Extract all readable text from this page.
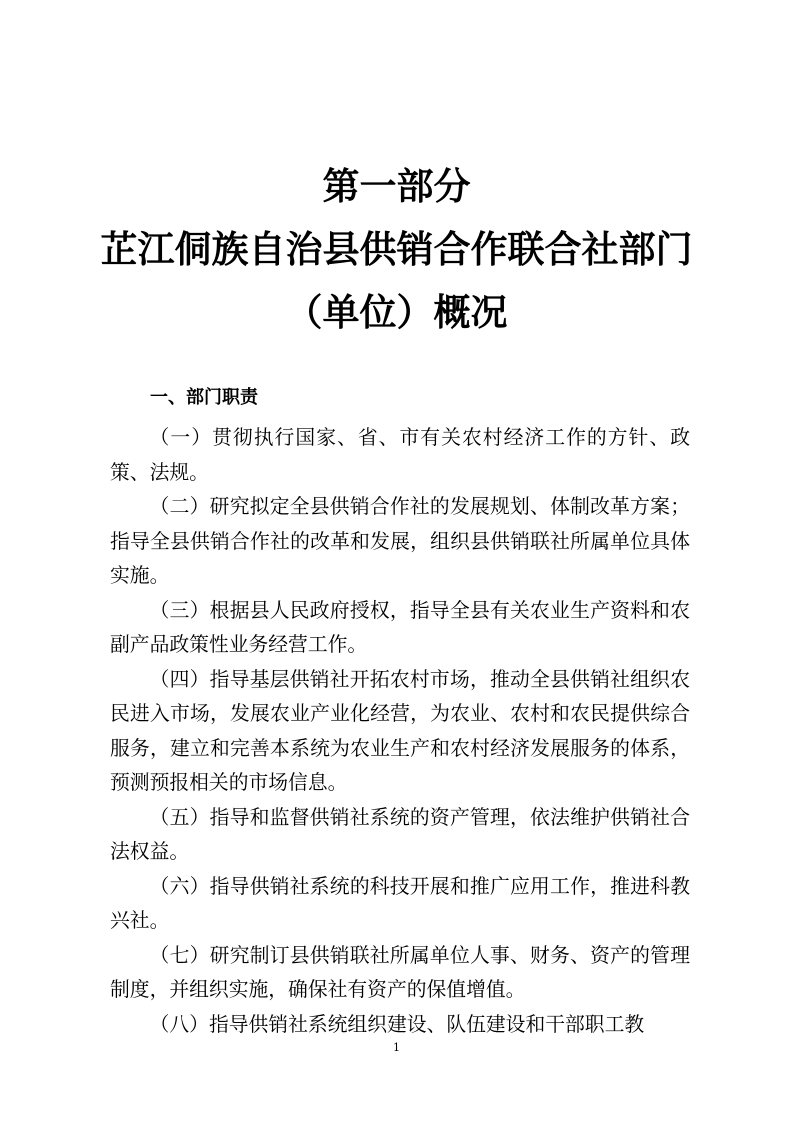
第一部分
芷江侗族自治县供销合作联合社部门
（单位）概况
一、部门职责

（一）贯彻执行国家、省、市有关农村经济工作的方针、政策、法规。

（二）研究拟定全县供销合作社的发展规划、体制改革方案；指导全县供销合作社的改革和发展，组织县供销联社所属单位具体实施。

（三）根据县人民政府授权，指导全县有关农业生产资料和农副产品政策性业务经营工作。

（四）指导基层供销社开拓农村市场，推动全县供销社组织农民进入市场，发展农业产业化经营，为农业、农村和农民提供综合服务，建立和完善本系统为农业生产和农村经济发展服务的体系，预测预报相关的市场信息。

（五）指导和监督供销社系统的资产管理，依法维护供销社合法权益。

（六）指导供销社系统的科技开展和推广应用工作，推进科教兴社。

（七）研究制订县供销联社所属单位人事、财务、资产的管理制度，并组织实施，确保社有资产的保值增值。

（八）指导供销社系统组织建设、队伍建设和干部职工教

1
